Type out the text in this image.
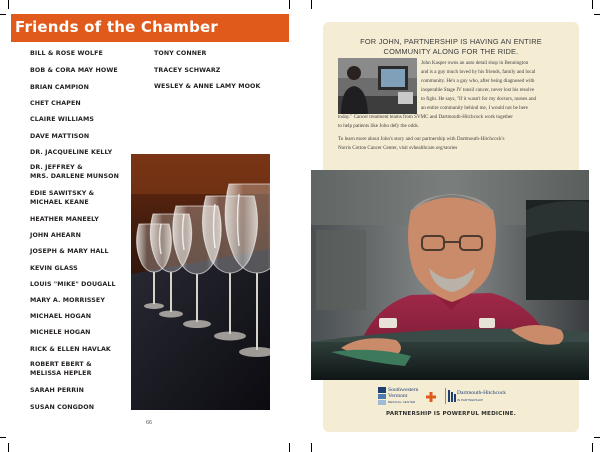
Friends of the Chamber
BILL & ROSE WOLFE
BOB & CORA MAY HOWE
BRIAN CAMPION
CHET CHAPEN
CLAIRE WILLIAMS
DAVE MATTISON
DR. JACQUELINE KELLY
DR. JEFFREY &
MRS. DARLENE MUNSON
EDIE SAWITSKY &
MICHAEL KEANE
HEATHER MANEELY
JOHN AHEARN
JOSEPH & MARY HALL
KEVIN GLASS
LOUIS "MIKE" DOUGALL
MARY A. MORRISSEY
MICHAEL HOGAN
MICHELE HOGAN
RICK & ELLEN HAVLAK
ROBERT EBERT &
MELISSA HEPLER
SARAH PERRIN
SUSAN CONGDON
TONY CONNER
TRACEY SCHWARZ
WESLEY & ANNE LAMY MOOK
66
FOR JOHN, PARTNERSHIP IS HAVING AN ENTIRE
COMMUNITY ALONG FOR THE RIDE.
John Kasper owns an auto detail shop in Bennington
and is a guy much loved by his friends, family and local
community. He's a guy who, after being diagnosed with
inoperable Stage IV tonsil cancer, never lost his resolve
to fight. He says, "If it wasn't for my doctors, nurses and
an entire community behind me, I would not be here
today." Cancer treatment teams from SVMC and Dartmouth-Hitchcock work together
to help patients like John defy the odds.
To learn more about John's story and our partnership with Dartmouth-Hitchcock's
Norris Cotton Cancer Center, visit svhealthcare.org/stories
Southwestern
Vermont
MEDICAL CENTER
Dartmouth-Hitchcock
IN PARTNERSHIP
PARTNERSHIP IS POWERFUL MEDICINE.
